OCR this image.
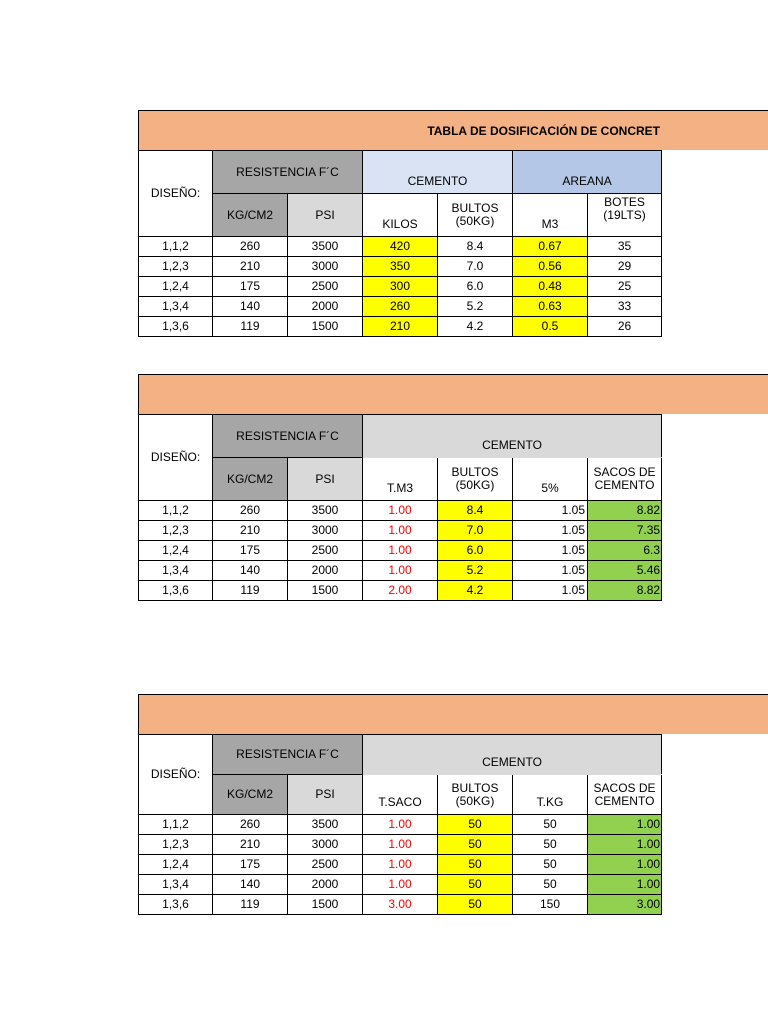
TABLA DE DOSIFICACIÓN DE CONCRET
DISEÑO:	RESISTENCIA F´C		CEMENTO		AREANA	
	KG/CM2	PSI	KILOS	BULTOS (50KG)	M3	BOTES (19LTS)
1,1,2	260	3500	420	8.4	0.67	35
1,2,3	210	3000	350	7.0	0.56	29
1,2,4	175	2500	300	6.0	0.48	25
1,3,4	140	2000	260	5.2	0.63	33
1,3,6	119	1500	210	4.2	0.5	26
DISEÑO:	RESISTENCIA F´C		CEMENTO			
	KG/CM2	PSI	T.M3	BULTOS (50KG)	5%	SACOS DE CEMENTO
1,1,2	260	3500	1.00	8.4	1.05	8.82
1,2,3	210	3000	1.00	7.0	1.05	7.35
1,2,4	175	2500	1.00	6.0	1.05	6.3
1,3,4	140	2000	1.00	5.2	1.05	5.46
1,3,6	119	1500	2.00	4.2	1.05	8.82
DISEÑO:	RESISTENCIA F´C		CEMENTO			
	KG/CM2	PSI	T.SACO	BULTOS (50KG)	T.KG	SACOS DE CEMENTO
1,1,2	260	3500	1.00	50	50	1.00
1,2,3	210	3000	1.00	50	50	1.00
1,2,4	175	2500	1.00	50	50	1.00
1,3,4	140	2000	1.00	50	50	1.00
1,3,6	119	1500	3.00	50	150	3.00
